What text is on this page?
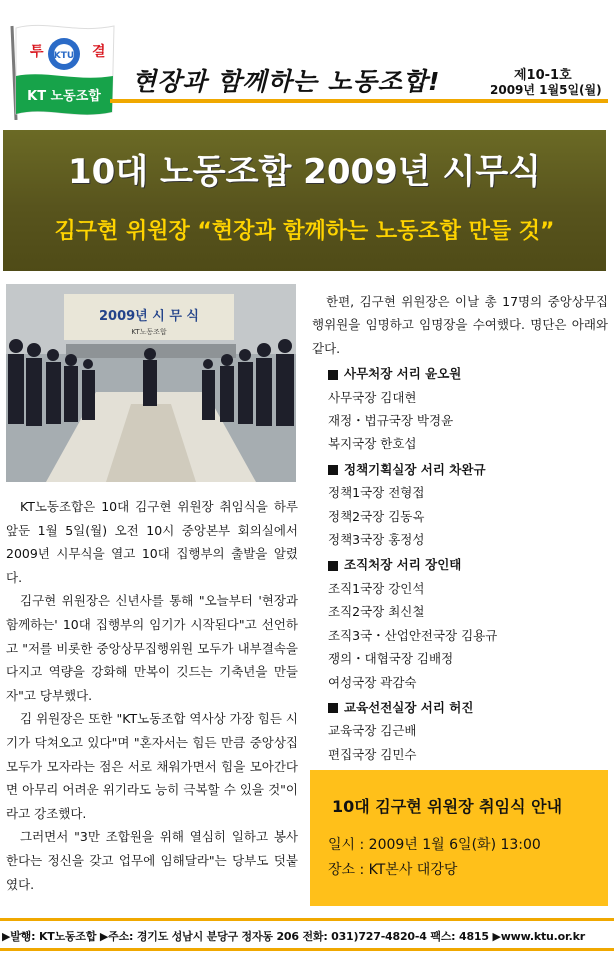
KTU
투	결
KT 노동조합
현장과 함께하는 노동조합!	제10-1호
2009년 1월5일(월)
10대 노동조합 2009년 시무식
김구현 위원장 “현장과 함께하는 노동조합 만들 것”
2009년 시 무 식
KT노동조합

KT노동조합은 10대 김구현 위원장 취임식을 하루 앞둔 1월 5일(월) 오전 10시 중앙본부 회의실에서 2009년 시무식을 열고 10대 집행부의 출발을 알렸다.

김구현 위원장은 신년사를 통해 "오늘부터 '현장과 함께하는' 10대 집행부의 임기가 시작된다"고 선언하고 "저를 비롯한 중앙상무집행위원 모두가 내부결속을 다지고 역량을 강화해 만복이 깃드는 기축년을 만들자"고 당부했다.

김 위원장은 또한 "KT노동조합 역사상 가장 힘든 시기가 닥쳐오고 있다"며 "혼자서는 힘든 만큼 중앙상집 모두가 모자라는 점은 서로 채워가면서 힘을 모아간다면 아무리 어려운 위기라도 능히 극복할 수 있을 것"이라고 강조했다.

그러면서 "3만 조합원을 위해 열심히 일하고 봉사한다는 정신을 갖고 업무에 임해달라"는 당부도 덧붙였다.

한편, 김구현 위원장은 이날 총 17명의 중앙상무집행위원을 임명하고 임명장을 수여했다. 명단은 아래와 같다.

사무처장 서리 윤오원
사무국장 김대현
재정・법규국장 박경윤
복지국장 한호섭
정책기획실장 서리 차완규
정책1국장 전형접
정책2국장 김동옥
정책3국장 홍정성
조직처장 서리 장인태
조직1국장 강인석
조직2국장 최신철
조직3국・산업안전국장 김용규
쟁의・대협국장 김배정
여성국장 곽감숙
교육선전실장 서리 허진
교육국장 김근배
편집국장 김민수
10대 김구현 위원장 취임식 안내
일시 : 2009년 1월 6일(화) 13:00
장소 : KT본사 대강당
▶발행: KT노동조합 ▶주소: 경기도 성남시 분당구 정자동 206 전화: 031)727-4820-4 팩스: 4815 ▶www.ktu.or.kr
